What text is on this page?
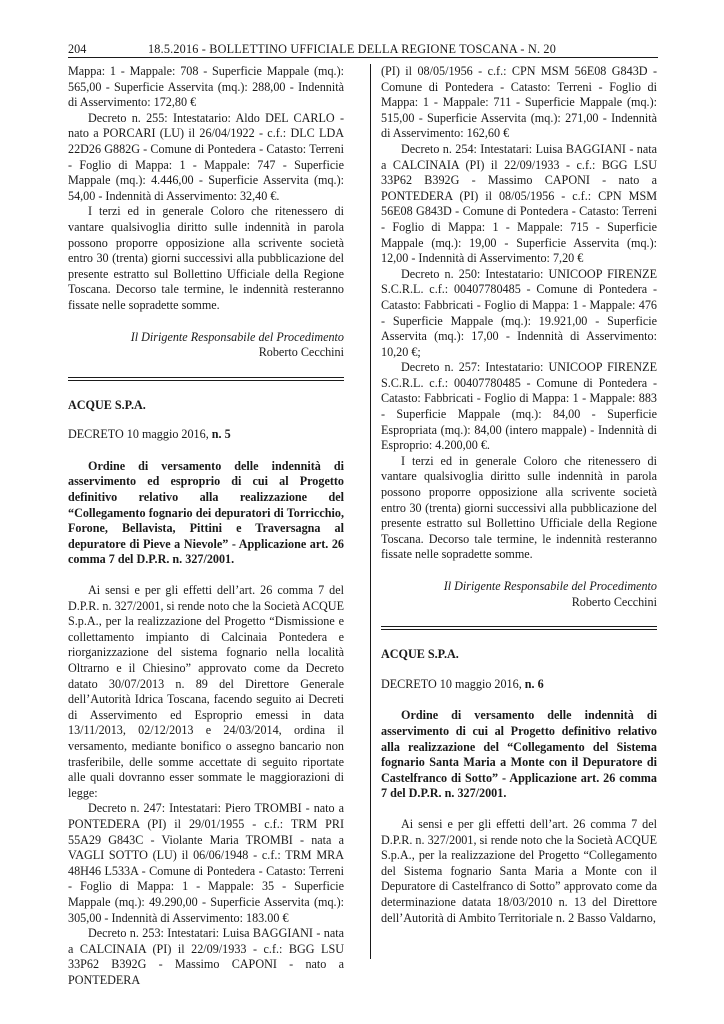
204	18.5.2016 - BOLLETTINO UFFICIALE DELLA REGIONE TOSCANA - N. 20

Mappa: 1 - Mappale: 708 - Superficie Mappale (mq.): 565,00 - Superficie Asservita (mq.): 288,00 - Indennità di Asservimento: 172,80 €

Decreto n. 255: Intestatario: Aldo DEL CARLO - nato a PORCARI (LU) il 26/04/1922 - c.f.: DLC LDA 22D26 G882G - Comune di Pontedera - Catasto: Terreni - Foglio di Mappa: 1 - Mappale: 747 - Superficie Mappale (mq.): 4.446,00 - Superficie Asservita (mq.): 54,00 - Indennità di Asservimento: 32,40 €.

I terzi ed in generale Coloro che ritenessero di vantare qualsivoglia diritto sulle indennità in parola possono proporre opposizione alla scrivente società entro 30 (trenta) giorni successivi alla pubblicazione del presente estratto sul Bollettino Ufficiale della Regione Toscana. Decorso tale termine, le indennità resteranno fissate nelle sopradette somme.

Il Dirigente Responsabile del Procedimento
Roberto Cecchini
ACQUE S.P.A.
DECRETO 10 maggio 2016, n. 5

Ordine di versamento delle indennità di asservimento ed esproprio di cui al Progetto definitivo relativo alla realizzazione del “Collegamento fognario dei depuratori di Torricchio, Forone, Bellavista, Pittini e Traversagna al depuratore di Pieve a Nievole” - Applicazione art. 26 comma 7 del D.P.R. n. 327/2001.

Ai sensi e per gli effetti dell’art. 26 comma 7 del D.P.R. n. 327/2001, si rende noto che la Società ACQUE S.p.A., per la realizzazione del Progetto “Dismissione e collettamento impianto di Calcinaia Pontedera e riorganizzazione del sistema fognario nella località Oltrarno e il Chiesino” approvato come da Decreto datato 30/07/2013 n. 89 del Direttore Generale dell’Autorità Idrica Toscana, facendo seguito ai Decreti di Asservimento ed Esproprio emessi in data 13/11/2013, 02/12/2013 e 24/03/2014, ordina il versamento, mediante bonifico o assegno bancario non trasferibile, delle somme accettate di seguito riportate alle quali dovranno esser sommate le maggiorazioni di legge:

Decreto n. 247: Intestatari: Piero TROMBI - nato a PONTEDERA (PI) il 29/01/1955 - c.f.: TRM PRI 55A29 G843C - Violante Maria TROMBI - nata a VAGLI SOTTO (LU) il 06/06/1948 - c.f.: TRM MRA 48H46 L533A - Comune di Pontedera - Catasto: Terreni - Foglio di Mappa: 1 - Mappale: 35 - Superficie Mappale (mq.): 49.290,00 - Superficie Asservita (mq.): 305,00 - Indennità di Asservimento: 183.00 €

Decreto n. 253: Intestatari: Luisa BAGGIANI - nata a CALCINAIA (PI) il 22/09/1933 - c.f.: BGG LSU 33P62 B392G - Massimo CAPONI - nato a PONTEDERA

(PI) il 08/05/1956 - c.f.: CPN MSM 56E08 G843D - Comune di Pontedera - Catasto: Terreni - Foglio di Mappa: 1 - Mappale: 711 - Superficie Mappale (mq.): 515,00 - Superficie Asservita (mq.): 271,00 - Indennità di Asservimento: 162,60 €

Decreto n. 254: Intestatari: Luisa BAGGIANI - nata a CALCINAIA (PI) il 22/09/1933 - c.f.: BGG LSU 33P62 B392G - Massimo CAPONI - nato a PONTEDERA (PI) il 08/05/1956 - c.f.: CPN MSM 56E08 G843D - Comune di Pontedera - Catasto: Terreni - Foglio di Mappa: 1 - Mappale: 715 - Superficie Mappale (mq.): 19,00 - Superficie Asservita (mq.): 12,00 - Indennità di Asservimento: 7,20 €

Decreto n. 250: Intestatario: UNICOOP FIRENZE S.C.R.L. c.f.: 00407780485 - Comune di Pontedera - Catasto: Fabbricati - Foglio di Mappa: 1 - Mappale: 476 - Superficie Mappale (mq.): 19.921,00 - Superficie Asservita (mq.): 17,00 - Indennità di Asservimento: 10,20 €;

Decreto n. 257: Intestatario: UNICOOP FIRENZE S.C.R.L. c.f.: 00407780485 - Comune di Pontedera - Catasto: Fabbricati - Foglio di Mappa: 1 - Mappale: 883 - Superficie Mappale (mq.): 84,00 - Superficie Espropriata (mq.): 84,00 (intero mappale) - Indennità di Esproprio: 4.200,00 €.

I terzi ed in generale Coloro che ritenessero di vantare qualsivoglia diritto sulle indennità in parola possono proporre opposizione alla scrivente società entro 30 (trenta) giorni successivi alla pubblicazione del presente estratto sul Bollettino Ufficiale della Regione Toscana. Decorso tale termine, le indennità resteranno fissate nelle sopradette somme.

Il Dirigente Responsabile del Procedimento
Roberto Cecchini
ACQUE S.P.A.
DECRETO 10 maggio 2016, n. 6

Ordine di versamento delle indennità di asservimento di cui al Progetto definitivo relativo alla realizzazione del “Collegamento del Sistema fognario Santa Maria a Monte con il Depuratore di Castelfranco di Sotto” - Applicazione art. 26 comma 7 del D.P.R. n. 327/2001.

Ai sensi e per gli effetti dell’art. 26 comma 7 del D.P.R. n. 327/2001, si rende noto che la Società ACQUE S.p.A., per la realizzazione del Progetto “Collegamento del Sistema fognario Santa Maria a Monte con il Depuratore di Castelfranco di Sotto” approvato come da determinazione datata 18/03/2010 n. 13 del Direttore dell’Autorità di Ambito Territoriale n. 2 Basso Valdarno,
